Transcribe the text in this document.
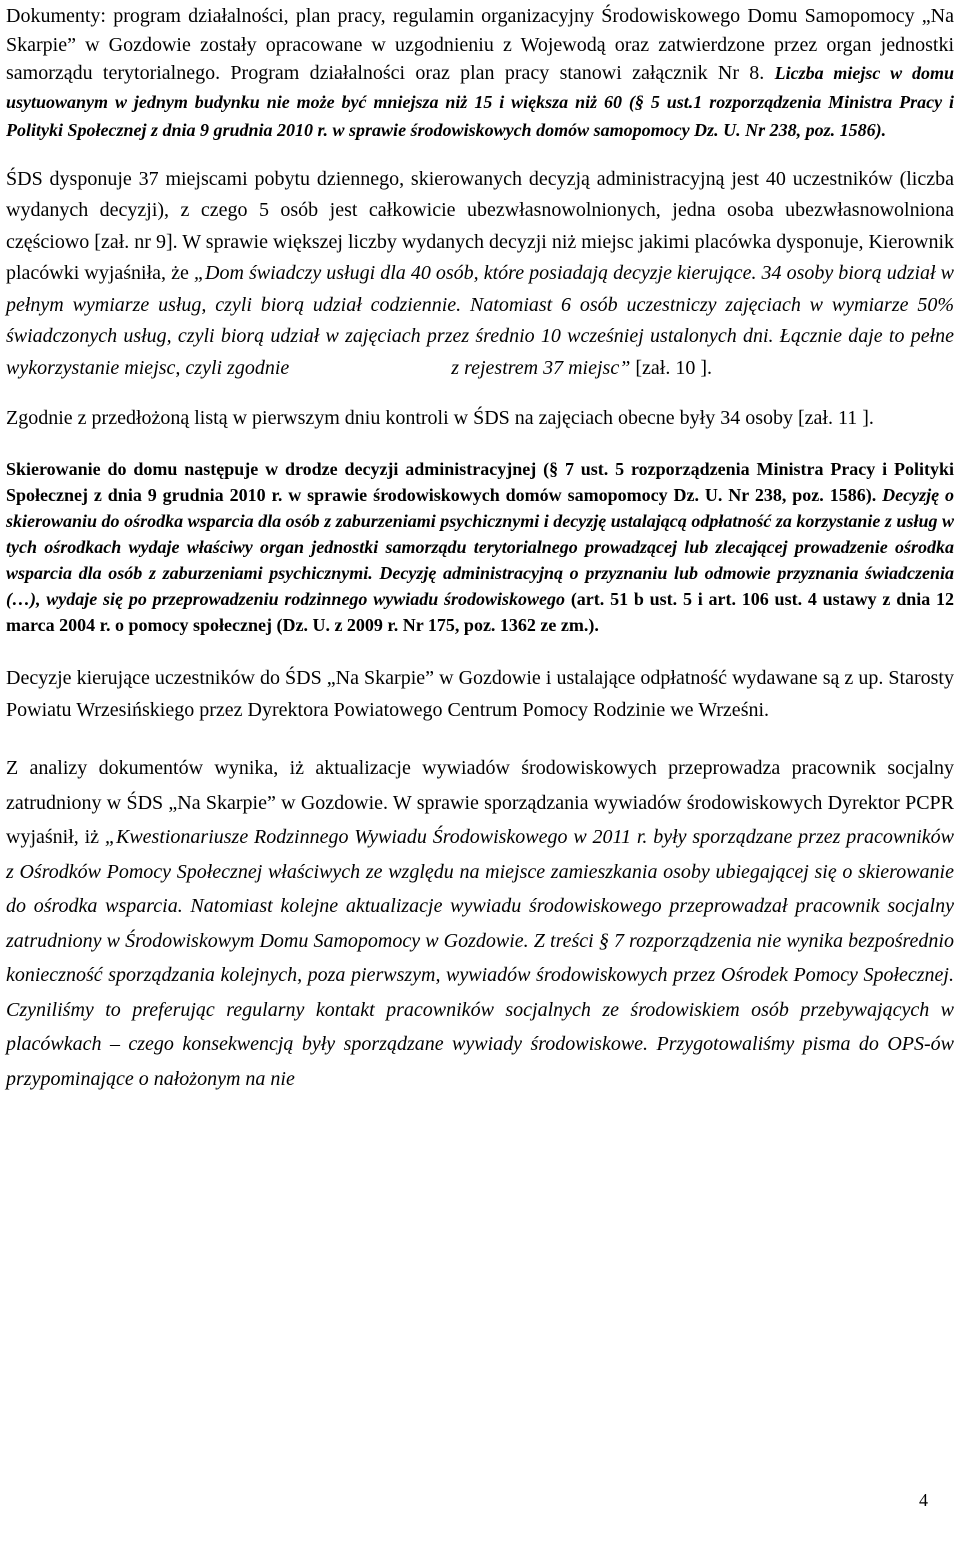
Dokumenty: program działalności, plan pracy, regulamin organizacyjny Środowiskowego Domu Samopomocy „Na Skarpie” w Gozdowie zostały opracowane w uzgodnieniu z Wojewodą oraz zatwierdzone przez organ jednostki samorządu terytorialnego. Program działalności oraz plan pracy stanowi załącznik Nr 8. Liczba miejsc w domu usytuowanym w jednym budynku nie może być mniejsza niż 15 i większa niż 60 (§ 5 ust.1 rozporządzenia Ministra Pracy i Polityki Społecznej z dnia 9 grudnia 2010 r. w sprawie środowiskowych domów samopomocy Dz. U. Nr 238, poz. 1586).

ŚDS dysponuje 37 miejscami pobytu dziennego, skierowanych decyzją administracyjną jest 40 uczestników (liczba wydanych decyzji), z czego 5 osób jest całkowicie ubezwłasnowolnionych, jedna osoba ubezwłasnowolniona częściowo [zał. nr 9]. W sprawie większej liczby wydanych decyzji niż miejsc jakimi placówka dysponuje, Kierownik placówki wyjaśniła, że „Dom świadczy usługi dla 40 osób, które posiadają decyzje kierujące. 34 osoby biorą udział w pełnym wymiarze usług, czyli biorą udział codziennie. Natomiast 6 osób uczestniczy zajęciach w wymiarze 50% świadczonych usług, czyli biorą udział w zajęciach przez średnio 10 wcześniej ustalonych dni. Łącznie daje to pełne wykorzystanie miejsc, czyli zgodnie	z rejestrem 37 miejsc” [zał. 10 ].

Zgodnie z przedłożoną listą w pierwszym dniu kontroli w ŚDS na zajęciach obecne były 34 osoby [zał. 11 ].

Skierowanie do domu następuje w drodze decyzji administracyjnej (§ 7 ust. 5 rozporządzenia Ministra Pracy i Polityki Społecznej z dnia 9 grudnia 2010 r. w sprawie środowiskowych domów samopomocy Dz. U. Nr 238, poz. 1586). Decyzję o skierowaniu do ośrodka wsparcia dla osób z zaburzeniami psychicznymi i decyzję ustalającą odpłatność za korzystanie z usług w tych ośrodkach wydaje właściwy organ jednostki samorządu terytorialnego prowadzącej lub zlecającej prowadzenie ośrodka wsparcia dla osób z zaburzeniami psychicznymi. Decyzję administracyjną o przyznaniu lub odmowie przyznania świadczenia (…), wydaje się po przeprowadzeniu rodzinnego wywiadu środowiskowego (art. 51 b ust. 5 i art. 106 ust. 4 ustawy z dnia 12 marca 2004 r. o pomocy społecznej (Dz. U. z 2009 r. Nr 175, poz. 1362 ze zm.).

Decyzje kierujące uczestników do ŚDS „Na Skarpie” w Gozdowie i ustalające odpłatność wydawane są z up. Starosty Powiatu Wrzesińskiego przez Dyrektora Powiatowego Centrum Pomocy Rodzinie we Wrześni.

Z analizy dokumentów wynika, iż aktualizacje wywiadów środowiskowych przeprowadza pracownik socjalny zatrudniony w ŚDS „Na Skarpie” w Gozdowie. W sprawie sporządzania wywiadów środowiskowych Dyrektor PCPR wyjaśnił, iż „Kwestionariusze Rodzinnego Wywiadu Środowiskowego w 2011 r. były sporządzane przez pracowników z Ośrodków Pomocy Społecznej właściwych ze względu na miejsce zamieszkania osoby ubiegającej się o skierowanie do ośrodka wsparcia. Natomiast kolejne aktualizacje wywiadu środowiskowego przeprowadzał pracownik socjalny zatrudniony w Środowiskowym Domu Samopomocy w Gozdowie. Z treści § 7 rozporządzenia nie wynika bezpośrednio konieczność sporządzania kolejnych, poza pierwszym, wywiadów środowiskowych przez Ośrodek Pomocy Społecznej. Czyniliśmy to preferując regularny kontakt pracowników socjalnych ze środowiskiem osób przebywających w placówkach – czego konsekwencją były sporządzane wywiady środowiskowe. Przygotowaliśmy pisma do OPS-ów przypominające o nałożonym na nie

4
